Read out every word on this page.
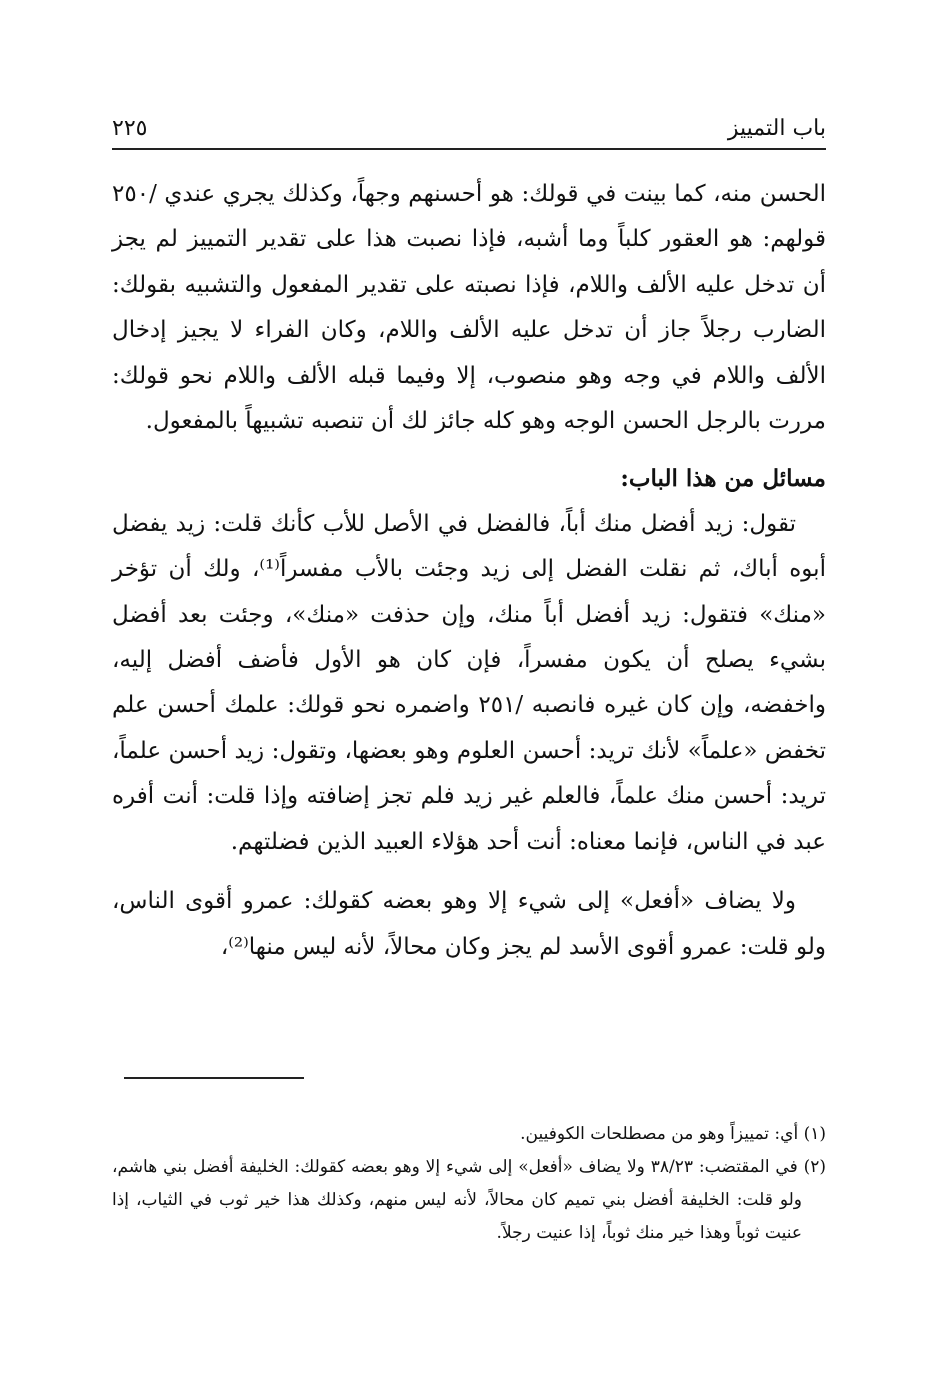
باب التمييز
٢٢٥

الحسن منه، كما بينت في قولك: هو أحسنهم وجهاً، وكذلك يجري عندي /٢٥٠ قولهم: هو العقور كلباً وما أشبه، فإذا نصبت هذا على تقدير التمييز لم يجز أن تدخل عليه الألف واللام، فإذا نصبته على تقدير المفعول والتشبيه بقولك: الضارب رجلاً جاز أن تدخل عليه الألف واللام، وكان الفراء لا يجيز إدخال الألف واللام في وجه وهو منصوب، إلا وفيما قبله الألف واللام نحو قولك: مررت بالرجل الحسن الوجه وهو كله جائز لك أن تنصبه تشبيهاً بالمفعول.

مسائل من هذا الباب:

تقول: زيد أفضل منك أباً، فالفضل في الأصل للأب كأنك قلت: زيد يفضل أبوه أباك، ثم نقلت الفضل إلى زيد وجئت بالأب مفسراً⁽¹⁾، ولك أن تؤخر «منك» فتقول: زيد أفضل أباً منك، وإن حذفت «منك»، وجئت بعد أفضل بشيء يصلح أن يكون مفسراً، فإن كان هو الأول فأضف أفضل إليه، واخفضه، وإن كان غيره فانصبه /٢٥١ واضمره نحو قولك: علمك أحسن علم تخفض «علماً» لأنك تريد: أحسن العلوم وهو بعضها، وتقول: زيد أحسن علماً، تريد: أحسن منك علماً، فالعلم غير زيد فلم تجز إضافته وإذا قلت: أنت أفره عبد في الناس، فإنما معناه: أنت أحد هؤلاء العبيد الذين فضلتهم.

ولا يضاف «أفعل» إلى شيء إلا وهو بعضه كقولك: عمرو أقوى الناس، ولو قلت: عمرو أقوى الأسد لم يجز وكان محالاً، لأنه ليس منها⁽²⁾،

(١) أي: تمييزاً وهو من مصطلحات الكوفيين.

(٢) في المقتضب: ٣٨/٢٣ ولا يضاف «أفعل» إلى شيء إلا وهو بعضه كقولك: الخليفة أفضل بني هاشم، ولو قلت: الخليفة أفضل بني تميم كان محالاً، لأنه ليس منهم، وكذلك هذا خير ثوب في الثياب، إذا عنيت ثوباً وهذا خير منك ثوباً، إذا عنيت رجلاً.
